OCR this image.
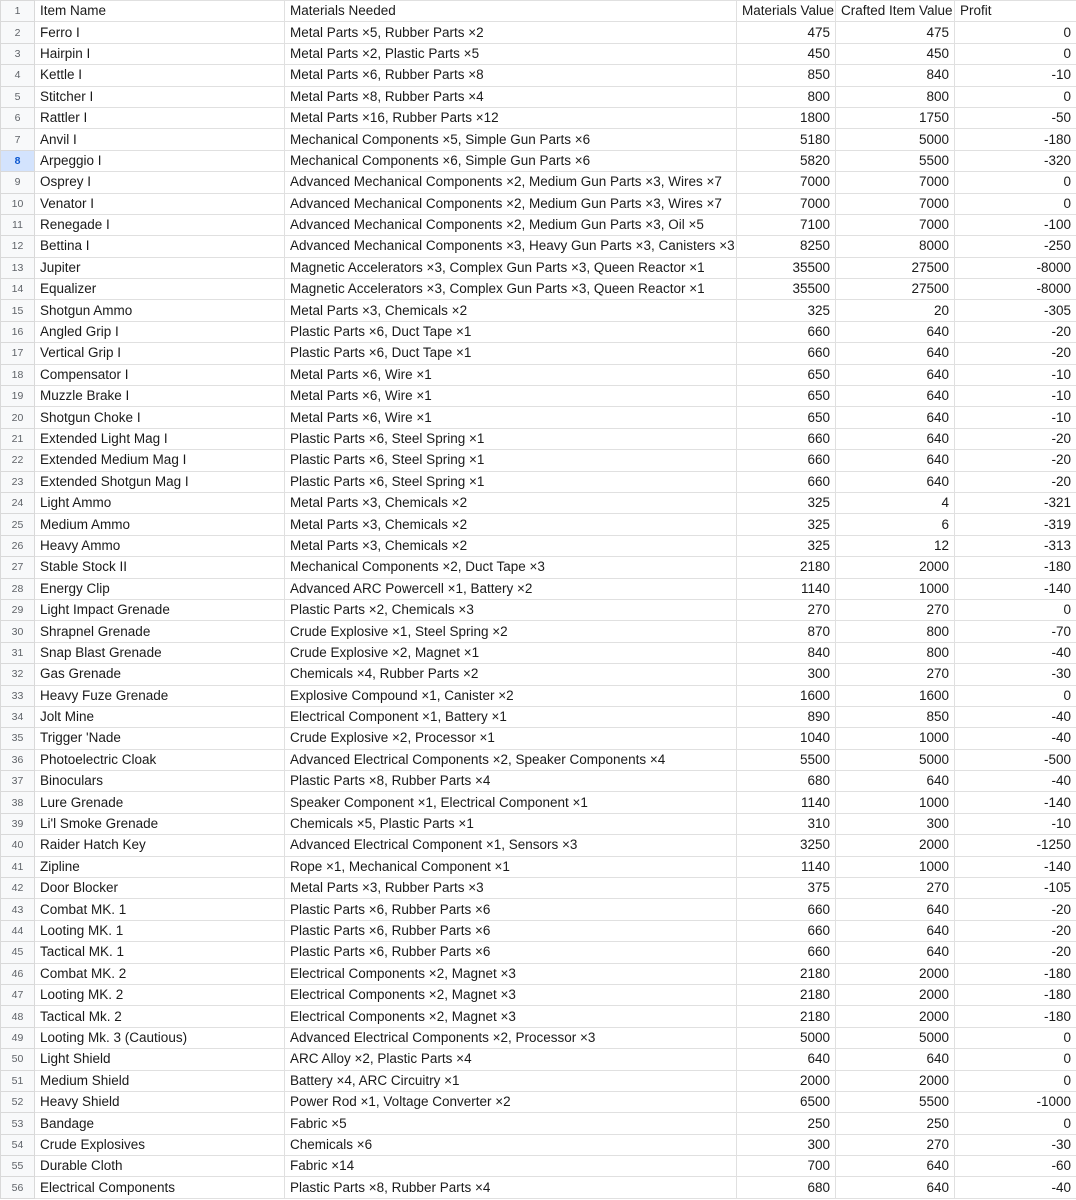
1	Item Name	Materials Needed	Materials Value	Crafted Item Value	Profit
2	Ferro I	Metal Parts ×5, Rubber Parts ×2	475	475	0
3	Hairpin I	Metal Parts ×2, Plastic Parts ×5	450	450	0
4	Kettle I	Metal Parts ×6, Rubber Parts ×8	850	840	-10
5	Stitcher I	Metal Parts ×8, Rubber Parts ×4	800	800	0
6	Rattler I	Metal Parts ×16, Rubber Parts ×12	1800	1750	-50
7	Anvil I	Mechanical Components ×5, Simple Gun Parts ×6	5180	5000	-180
8	Arpeggio I	Mechanical Components ×6, Simple Gun Parts ×6	5820	5500	-320
9	Osprey I	Advanced Mechanical Components ×2, Medium Gun Parts ×3, Wires ×7	7000	7000	0
10	Venator I	Advanced Mechanical Components ×2, Medium Gun Parts ×3, Wires ×7	7000	7000	0
11	Renegade I	Advanced Mechanical Components ×2, Medium Gun Parts ×3, Oil ×5	7100	7000	-100
12	Bettina I	Advanced Mechanical Components ×3, Heavy Gun Parts ×3, Canisters ×3	8250	8000	-250
13	Jupiter	Magnetic Accelerators ×3, Complex Gun Parts ×3, Queen Reactor ×1	35500	27500	-8000
14	Equalizer	Magnetic Accelerators ×3, Complex Gun Parts ×3, Queen Reactor ×1	35500	27500	-8000
15	Shotgun Ammo	Metal Parts ×3, Chemicals ×2	325	20	-305
16	Angled Grip I	Plastic Parts ×6, Duct Tape ×1	660	640	-20
17	Vertical Grip I	Plastic Parts ×6, Duct Tape ×1	660	640	-20
18	Compensator I	Metal Parts ×6, Wire ×1	650	640	-10
19	Muzzle Brake I	Metal Parts ×6, Wire ×1	650	640	-10
20	Shotgun Choke I	Metal Parts ×6, Wire ×1	650	640	-10
21	Extended Light Mag I	Plastic Parts ×6, Steel Spring ×1	660	640	-20
22	Extended Medium Mag I	Plastic Parts ×6, Steel Spring ×1	660	640	-20
23	Extended Shotgun Mag I	Plastic Parts ×6, Steel Spring ×1	660	640	-20
24	Light Ammo	Metal Parts ×3, Chemicals ×2	325	4	-321
25	Medium Ammo	Metal Parts ×3, Chemicals ×2	325	6	-319
26	Heavy Ammo	Metal Parts ×3, Chemicals ×2	325	12	-313
27	Stable Stock II	Mechanical Components ×2, Duct Tape ×3	2180	2000	-180
28	Energy Clip	Advanced ARC Powercell ×1, Battery ×2	1140	1000	-140
29	Light Impact Grenade	Plastic Parts ×2, Chemicals ×3	270	270	0
30	Shrapnel Grenade	Crude Explosive ×1, Steel Spring ×2	870	800	-70
31	Snap Blast Grenade	Crude Explosive ×2, Magnet ×1	840	800	-40
32	Gas Grenade	Chemicals ×4, Rubber Parts ×2	300	270	-30
33	Heavy Fuze Grenade	Explosive Compound ×1, Canister ×2	1600	1600	0
34	Jolt Mine	Electrical Component ×1, Battery ×1	890	850	-40
35	Trigger 'Nade	Crude Explosive ×2, Processor ×1	1040	1000	-40
36	Photoelectric Cloak	Advanced Electrical Components ×2, Speaker Components ×4	5500	5000	-500
37	Binoculars	Plastic Parts ×8, Rubber Parts ×4	680	640	-40
38	Lure Grenade	Speaker Component ×1, Electrical Component ×1	1140	1000	-140
39	Li'l Smoke Grenade	Chemicals ×5, Plastic Parts ×1	310	300	-10
40	Raider Hatch Key	Advanced Electrical Component ×1, Sensors ×3	3250	2000	-1250
41	Zipline	Rope ×1, Mechanical Component ×1	1140	1000	-140
42	Door Blocker	Metal Parts ×3, Rubber Parts ×3	375	270	-105
43	Combat MK. 1	Plastic Parts ×6, Rubber Parts ×6	660	640	-20
44	Looting MK. 1	Plastic Parts ×6, Rubber Parts ×6	660	640	-20
45	Tactical MK. 1	Plastic Parts ×6, Rubber Parts ×6	660	640	-20
46	Combat MK. 2	Electrical Components ×2, Magnet ×3	2180	2000	-180
47	Looting MK. 2	Electrical Components ×2, Magnet ×3	2180	2000	-180
48	Tactical Mk. 2	Electrical Components ×2, Magnet ×3	2180	2000	-180
49	Looting Mk. 3 (Cautious)	Advanced Electrical Components ×2, Processor ×3	5000	5000	0
50	Light Shield	ARC Alloy ×2, Plastic Parts ×4	640	640	0
51	Medium Shield	Battery ×4, ARC Circuitry ×1	2000	2000	0
52	Heavy Shield	Power Rod ×1, Voltage Converter ×2	6500	5500	-1000
53	Bandage	Fabric ×5	250	250	0
54	Crude Explosives	Chemicals ×6	300	270	-30
55	Durable Cloth	Fabric ×14	700	640	-60
56	Electrical Components	Plastic Parts ×8, Rubber Parts ×4	680	640	-40
